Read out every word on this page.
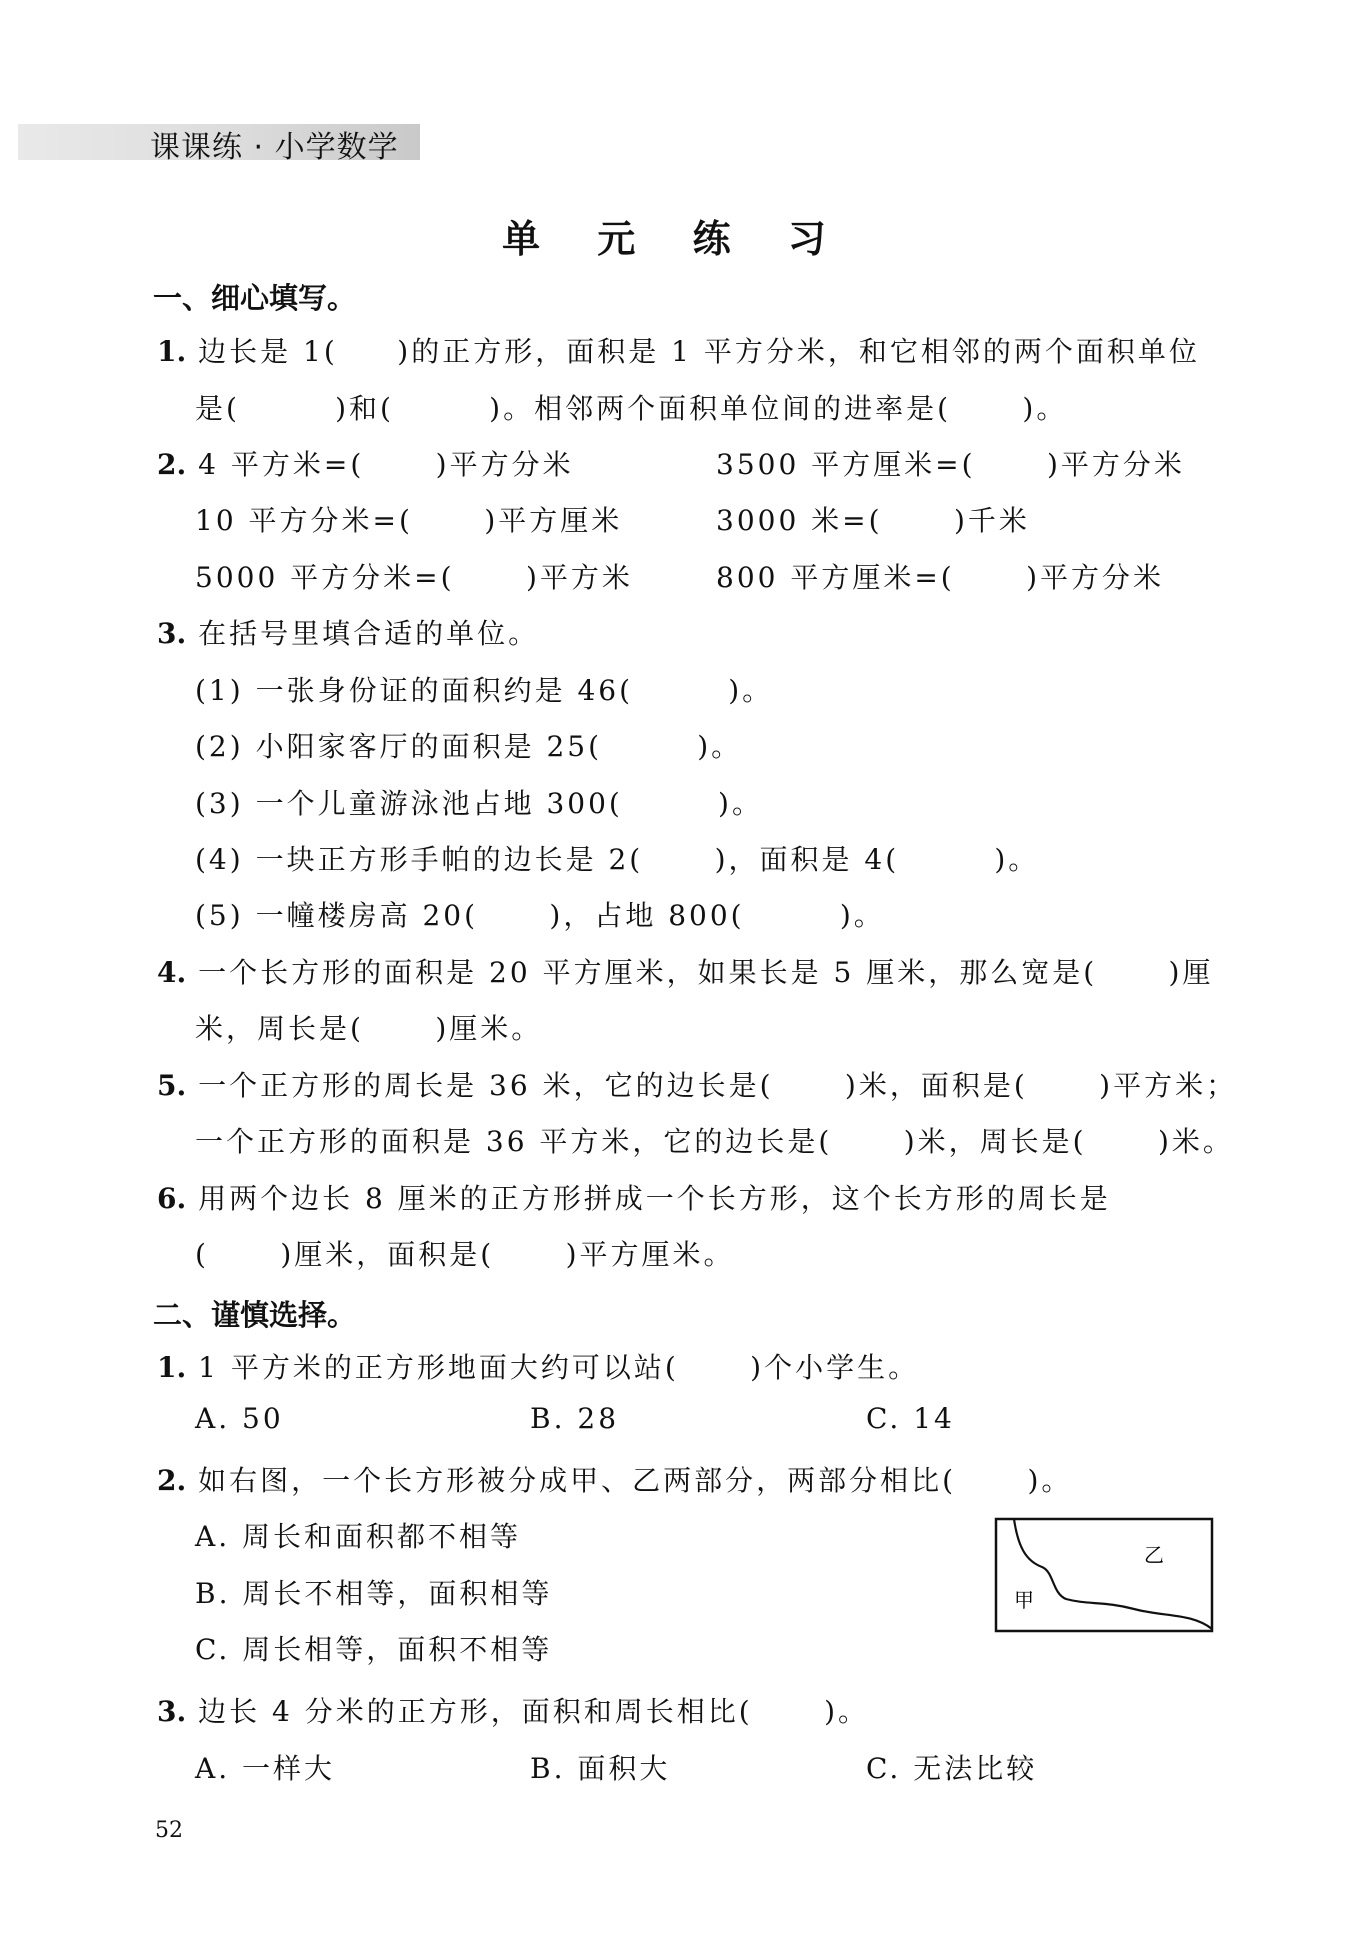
课课练 · 小学数学
单 元 练 习
一、细心填写。
1. 边长是 1(     )的正方形，面积是 1 平方分米，和它相邻的两个面积单位
是(        )和(        )。相邻两个面积单位间的进率是(      )。
2. 4 平方米=(      )平方分米	3500 平方厘米=(      )平方分米
10 平方分米=(      )平方厘米	3000 米=(      )千米
5000 平方分米=(      )平方米	800 平方厘米=(      )平方分米
3. 在括号里填合适的单位。
(1) 一张身份证的面积约是 46(        )。
(2) 小阳家客厅的面积是 25(        )。
(3) 一个儿童游泳池占地 300(        )。
(4) 一块正方形手帕的边长是 2(      )，面积是 4(        )。
(5) 一幢楼房高 20(      )，占地 800(        )。
4. 一个长方形的面积是 20 平方厘米，如果长是 5 厘米，那么宽是(      )厘
米，周长是(      )厘米。
5. 一个正方形的周长是 36 米，它的边长是(      )米，面积是(      )平方米；
一个正方形的面积是 36 平方米，它的边长是(      )米，周长是(      )米。
6. 用两个边长 8 厘米的正方形拼成一个长方形，这个长方形的周长是
(      )厘米，面积是(      )平方厘米。
二、谨慎选择。
1. 1 平方米的正方形地面大约可以站(      )个小学生。
A. 50	B. 28	C. 14
2. 如右图，一个长方形被分成甲、乙两部分，两部分相比(      )。
A. 周长和面积都不相等
B. 周长不相等，面积相等
C. 周长相等，面积不相等
乙
甲
3. 边长 4 分米的正方形，面积和周长相比(      )。
A. 一样大	B. 面积大	C. 无法比较
52
